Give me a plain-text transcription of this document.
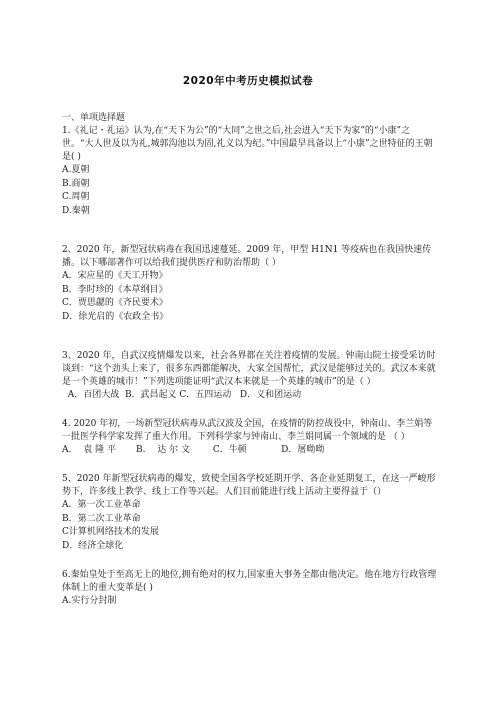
2020年中考历史模拟试卷

一、单项选择题

1.《礼记・礼运》认为,在“天下为公”的“大同”之世之后,社会进入“天下为家”的“小康”之世。“大人世及以为礼,城郭沟池以为固,礼义以为纪。”中国最早具备以上“小康”之世特征的王朝是( )

A.夏朝

B.商朝

C.周朝

D.秦朝

2、2020 年，新型冠状病毒在我国迅速蔓延。2009 年，甲型 H1N1 等疫病也在我国快速传播。以下哪部著作可以给我们提供医疗和防治帮助（ ）

A．宋应星的《天工开物》

B．李时珍的《本草纲目》

C．贾思勰的《齐民要术》

D．徐光启的《农政全书》

3、2020 年，自武汉疫情爆发以来，社会各界都在关注着疫情的发展。钟南山院士接受采访时谈到：“这个劲头上来了，很多东西都能解决，大家全国帮忙，武汉是能够过关的。武汉本来就是一个英雄的城市！”下列选项能证明“武汉本来就是一个英雄的城市”的是（ ）

A．百团大战  B．武昌起义 C．五四运动   D．义和团运动

4. 2020 年初，一场新型冠状病毒从武汉波及全国，在疫情的防控战役中，钟南山、李兰娟等一批医学科学家发挥了重大作用。下列科学家与钟南山、李兰娟同属一个领域的是 （ ）

A．  袁 隆 平       B．  达 尔 文        C．牛顿            D．屠呦呦

5、2020 年新型冠状病毒的爆发，致使全国各学校延期开学、各企业延期复工，在这一严峻形势下，许多线上教学、线上工作等兴起。人们目前能进行线上活动主要得益于（）

A．第一次工业革命

B．第二次工业革命

C计算机网络技术的发展

D．经济全球化

6.秦始皇处于至高无上的地位,拥有绝对的权力,国家重大事务全都由他决定。他在地方行政管理体制上的重大变革是( )

A.实行分封制
